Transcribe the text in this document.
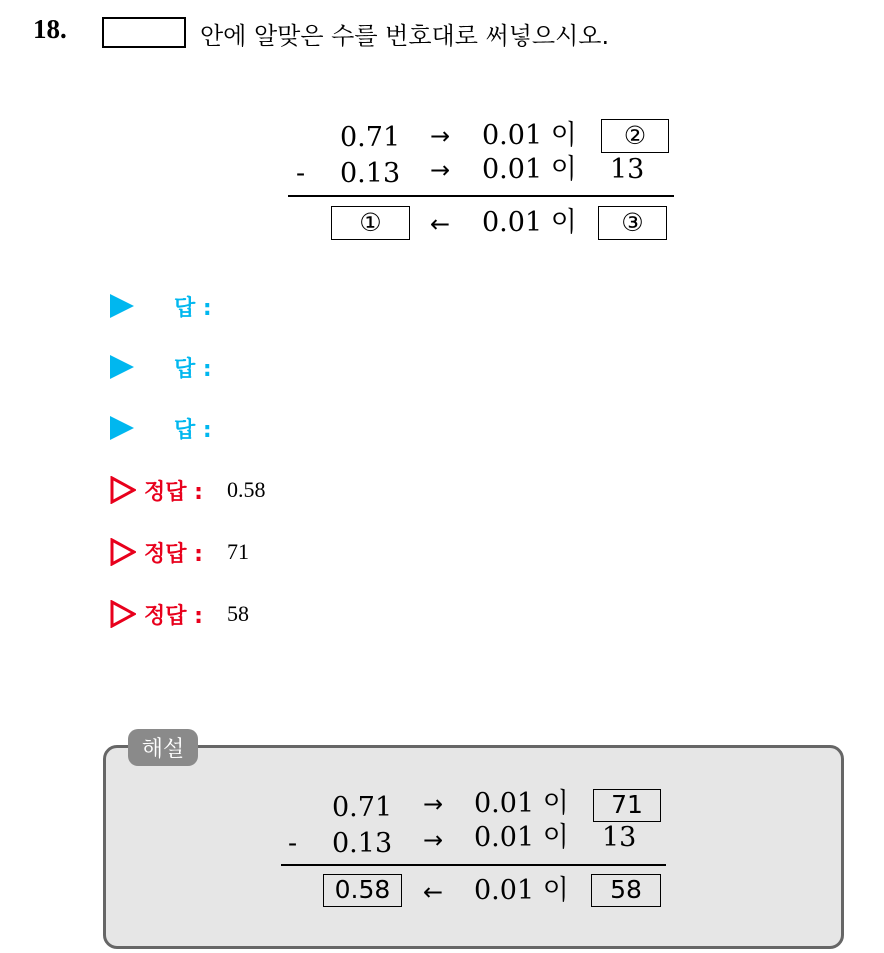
18.	안에 알맞은 수를 번호대로 써넣으시오.
0.71 → 0.01 이	②
- 0.13 → 0.01 이 13
①	← 0.01 이	③
답 :
답 :
답 :
정답 : 0.58
정답 : 71
정답 : 58
해설
0.71 → 0.01 이	71
- 0.13 → 0.01 이 13
0.58	← 0.01 이	58
